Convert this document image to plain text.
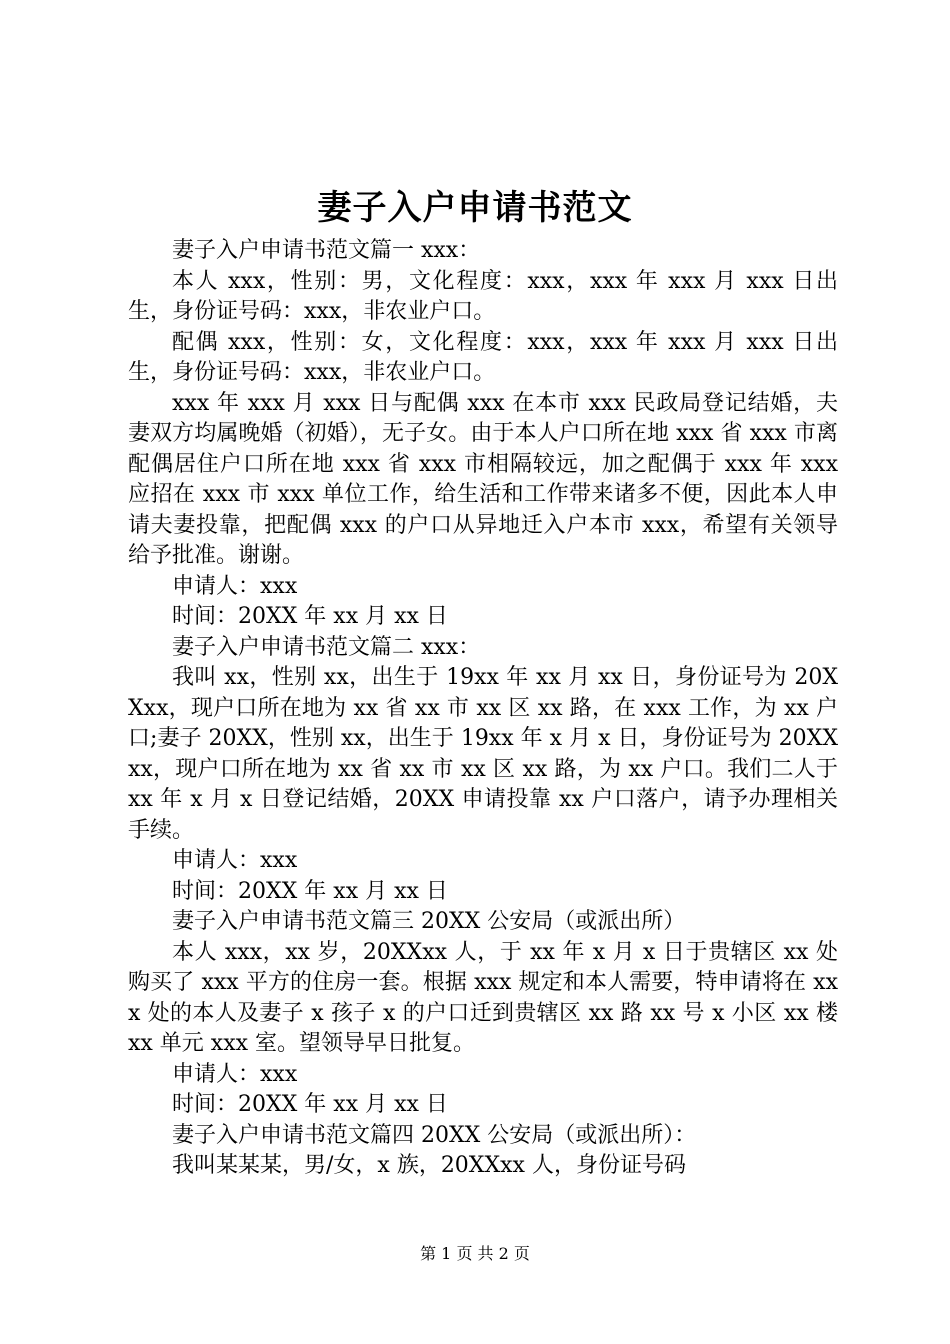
妻子入户申请书范文

妻子入户申请书范文篇一 xxx：

本人 xxx，性别：男，文化程度：xxx，xxx 年 xxx 月 xxx 日出生，身份证号码：xxx，非农业户口。

配偶 xxx，性别：女，文化程度：xxx，xxx 年 xxx 月 xxx 日出生，身份证号码：xxx，非农业户口。

xxx 年 xxx 月 xxx 日与配偶 xxx 在本市 xxx 民政局登记结婚，夫妻双方均属晚婚（初婚），无子女。由于本人户口所在地 xxx 省 xxx 市离配偶居住户口所在地 xxx 省 xxx 市相隔较远，加之配偶于 xxx 年 xxx 应招在 xxx 市 xxx 单位工作，给生活和工作带来诸多不便，因此本人申请夫妻投靠，把配偶 xxx 的户口从异地迁入户本市 xxx，希望有关领导给予批准。谢谢。

申请人：xxx

时间：20XX 年 xx 月 xx 日

妻子入户申请书范文篇二 xxx：

我叫 xx，性别 xx，出生于 19xx 年 xx 月 xx 日，身份证号为 20XXxx，现户口所在地为 xx 省 xx 市 xx 区 xx 路，在 xxx 工作，为 xx 户口;妻子 20XX，性别 xx，出生于 19xx 年 x 月 x 日，身份证号为 20XXxx，现户口所在地为 xx 省 xx 市 xx 区 xx 路，为 xx 户口。我们二人于 xx 年 x 月 x 日登记结婚，20XX 申请投靠 xx 户口落户，请予办理相关手续。

申请人：xxx

时间：20XX 年 xx 月 xx 日

妻子入户申请书范文篇三 20XX 公安局（或派出所）

本人 xxx，xx 岁，20XXxx 人，于 xx 年 x 月 x 日于贵辖区 xx 处购买了 xxx 平方的住房一套。根据 xxx 规定和本人需要，特申请将在 xxx 处的本人及妻子 x 孩子 x 的户口迁到贵辖区 xx 路 xx 号 x 小区 xx 楼 xx 单元 xxx 室。望领导早日批复。

申请人：xxx

时间：20XX 年 xx 月 xx 日

妻子入户申请书范文篇四 20XX 公安局（或派出所）：

我叫某某某，男/女，x 族，20XXxx 人，身份证号码

第 1 页 共 2 页
